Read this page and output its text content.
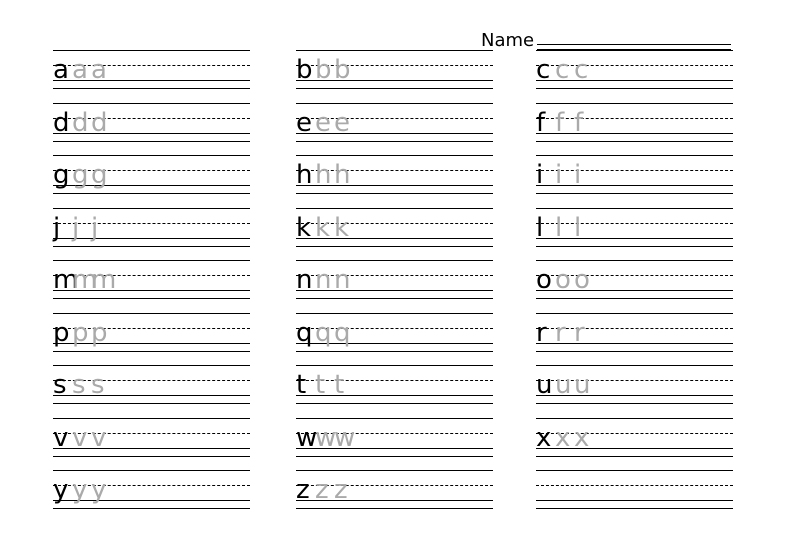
Name
a a a
d d d
g g g
j j j
m
m
m
p p p
s s s
v v v
y y y
b b b
e e e
h h h
k k k
n n n
q q q
t t t
w
w
w
z z z
c c c
f f f
i i i
l l l
o o o
r r r
u u u
x x x
